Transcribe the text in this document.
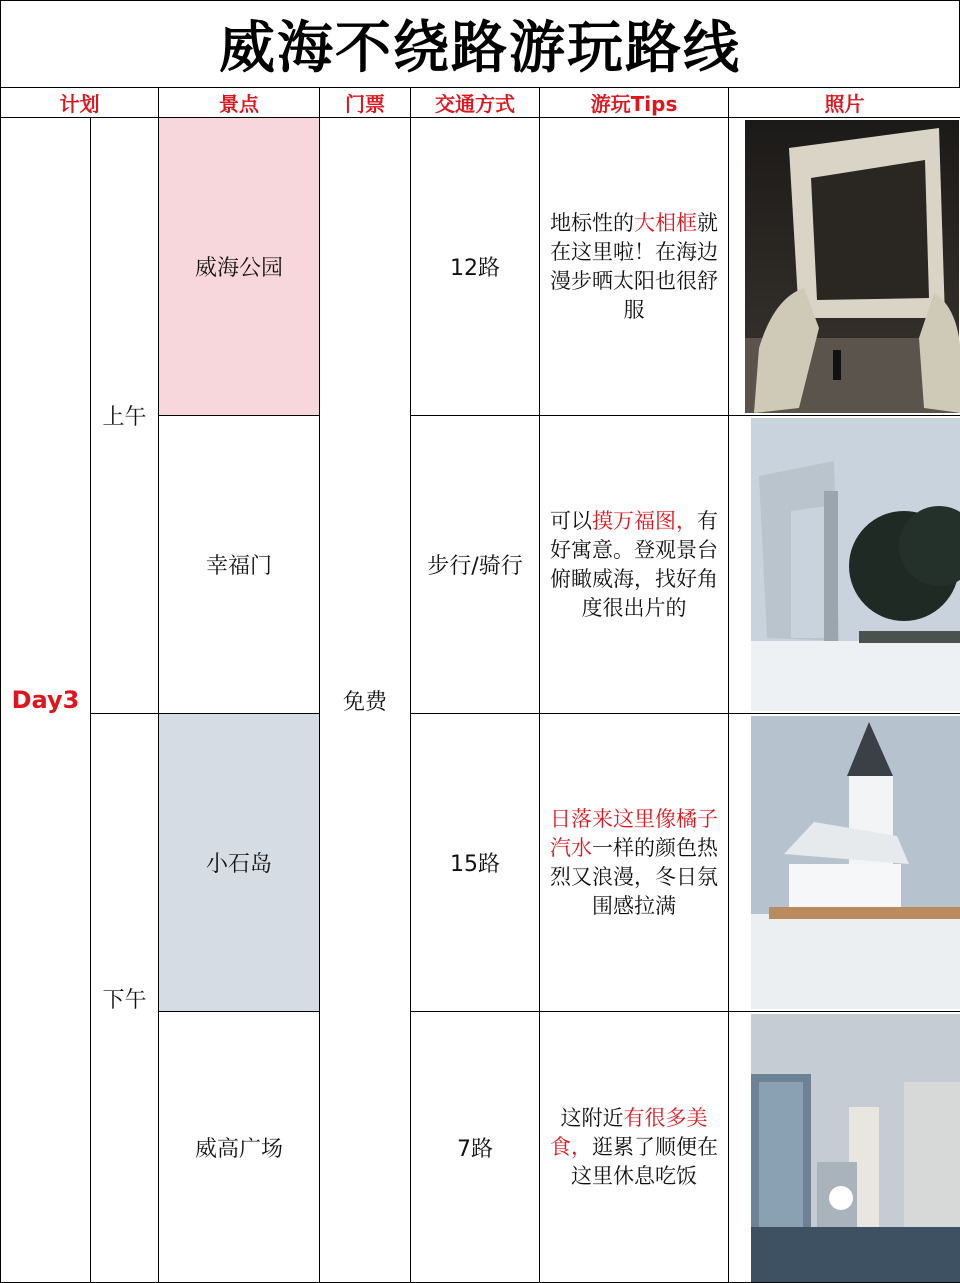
威海不绕路游玩路线
计划		景点	门票	交通方式	游玩Tips	照片
Day3	上午	威海公园	免费	12路	地标性的大相框就在这里啦！在海边漫步晒太阳也很舒服

		幸福门		步行/骑行	可以摸万福图，有好寓意。登观景台俯瞰威海，找好角度很出片的

	下午	小石岛		15路	日落来这里像橘子汽水一样的颜色热烈又浪漫，冬日氛围感拉满

		威高广场		7路	这附近有很多美食，逛累了顺便在这里休息吃饭
